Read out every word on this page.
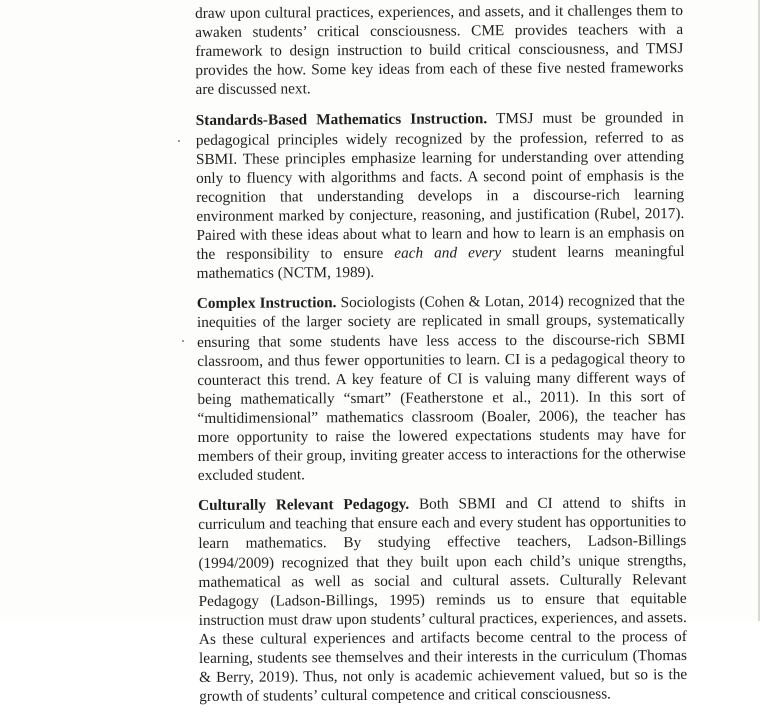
draw upon cultural practices, experiences, and assets, and it challenges them to awaken students’ critical consciousness. CME provides teachers with a framework to design instruction to build critical consciousness, and TMSJ provides the how. Some key ideas from each of these five nested frameworks are discussed next.

Standards-Based Mathematics Instruction. TMSJ must be grounded in pedagogical principles widely recognized by the profession, referred to as SBMI. These principles emphasize learning for understanding over attending only to fluency with algorithms and facts. A second point of emphasis is the recognition that understanding develops in a discourse-rich learning environment marked by conjecture, reasoning, and justification (Rubel, 2017). Paired with these ideas about what to learn and how to learn is an emphasis on the responsibility to ensure each and every student learns meaningful mathematics (NCTM, 1989).

Complex Instruction. Sociologists (Cohen & Lotan, 2014) recognized that the inequities of the larger society are replicated in small groups, systematically ensuring that some students have less access to the discourse-rich SBMI classroom, and thus fewer opportunities to learn. CI is a pedagogical theory to counteract this trend. A key feature of CI is valuing many different ways of being mathematically “smart” (Featherstone et al., 2011). In this sort of “multidimensional” mathematics classroom (Boaler, 2006), the teacher has more opportunity to raise the lowered expectations students may have for members of their group, inviting greater access to interactions for the otherwise excluded student.

Culturally Relevant Pedagogy. Both SBMI and CI attend to shifts in curriculum and teaching that ensure each and every student has opportunities to learn mathematics. By studying effective teachers, Ladson-Billings (1994/2009) recognized that they built upon each child’s unique strengths, mathematical as well as social and cultural assets. Culturally Relevant Pedagogy (Ladson-Billings, 1995) reminds us to ensure that equitable instruction must draw upon students’ cultural practices, experiences, and assets. As these cultural experiences and artifacts become central to the process of learning, students see themselves and their interests in the curriculum (Thomas & Berry, 2019). Thus, not only is academic achievement valued, but so is the growth of students’ cultural competence and critical consciousness.
